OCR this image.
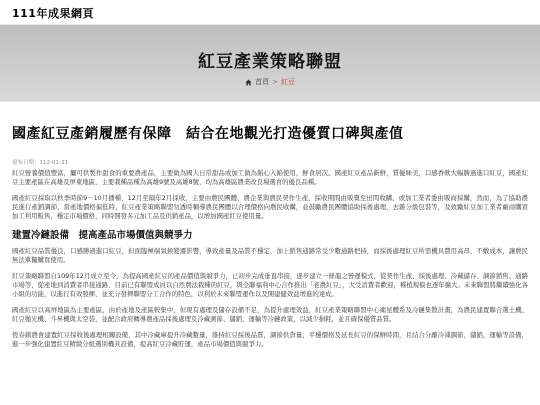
111年成果網頁
紅豆產業策略聯盟
首頁 > 紅豆
國產紅豆產銷履歷有保障　結合在地觀光打造優質口碑與產值
發布日期：112-01-31

紅豆營養價值豐富，屬可供製作甜食的重要農產品，主要做為國人日常甜品或加工做為餡心入餡使用，鮮食居次。國產紅豆產品新鮮，質優味美，口感香軟大幅勝過進口紅豆，國產紅豆主要產區在高雄及屏東地區，主要栽種品種為高雄9號及高雄8號，均為高雄區農業改良場選育的優良品種。

國產紅豆採取以秋季時節9－10月播種，12月至隔年2月採收，主要由農民團體、農企業與農民契作生產，採收期間由販賣至田間收購、或加工業者委由販商採購，然而，為了協助農民進行產銷調節，當產地價格偏低時，紅豆產業策略聯盟勿透時輔導農民團體以合理價格向農民收購，並鼓勵農民團體協助採後處理，去雜分級包裝等，及致勵紅豆加工業者廠商購買加工利用販售，穩定市場價格，同時開發多元加工品及供銷產品，以增加國產紅豆使用量。

建置冷鏈設備　提高產品市場價值與競爭力

國產紅豆品質優良，口感勝過進口紅豆，但面臨極端氣候變遷影響，導致產量及品質不穩定，加上銷售通路常受少數通路把持，而採後處理紅豆所需機具費用高昂，不敷成本，讓農民無法單獨購買使用。

紅豆策略聯盟自109年12月成立至今，為提高國產紅豆的產品價值與競爭力，已初步完成垂直串接，逐步建立一條龍之營運模式，從契作生產、採後處理、冷藏儲存、調節銷售、通路市場等，從產地到消費者串接通路，目前已有聯盟成員以自然農法栽種的紅豆，與全聯福利中心合作推出「老農紅豆」，大受消費者歡迎，種植規模也逐年擴大。未來聯盟將繼續強化各小組的功能，以進行有效發揮、並充分發揮聯盟分工合作的特色，以利於未來聯盟運作以及開建健效益增進的達成。

國產紅豆以高屏地區為主要產區，由於產地及產區較集中，但現有處理及儲存設備不足，為提升處理效益，紅豆產業策略聯盟中心衛星體系及冷鏈集散計畫，為農民建置聯合選土機、紅豆拋光機、斗昇機與太空袋，並配合政府轉導農產品採後處理及冷藏測節、儲銷、運輸等冷鏈政策，以減少損耗，並且確保優質品質。

恆春鎮農會建置紅豆採收後處理相關設備，其中冷藏庫提升冷藏數量，維持紅豆採後品質，調節供貨量，平穩價格及延長紅豆的保鮮時間，且結合分離冷凍調節，儲銷，運輸等設備，進一步強化建置紅豆精緻分級選別機具設備，提高紅豆冷藏貯運，產品市場價值與競爭力。
